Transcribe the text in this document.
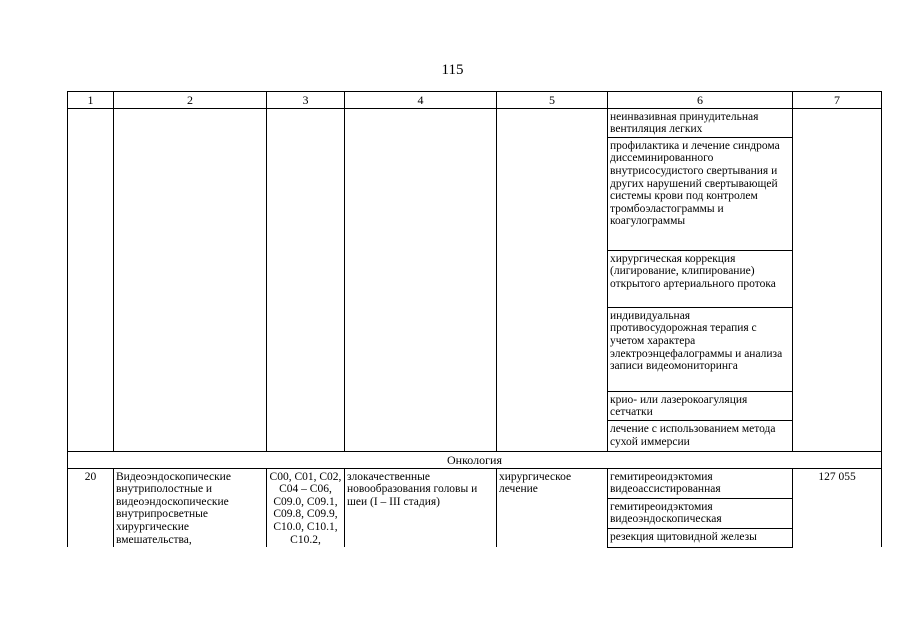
115
1	2	3	4	5	6	7
					неинвазивная принудительная вентиляция легких	
					профилактика и лечение синдрома диссеминированного внутрисосудистого свертывания и других нарушений свертывающей системы крови под контролем тромбоэластограммы и коагулограммы	
					хирургическая коррекция (лигирование, клипирование) открытого артериального протока	
					индивидуальная противосудорожная терапия с учетом характера электроэнцефалограммы и анализа записи видеомониторинга	
					крио- или лазерокоагуляция сетчатки	
					лечение с использованием метода сухой иммерсии	
Онкология						
20	Видеоэндоскопические внутриполостные и видеоэндоскопические внутрипросветные хирургические вмешательства,	C00, C01, C02, C04 – C06, C09.0, C09.1, C09.8, C09.9, C10.0, C10.1, C10.2,	злокачественные новообразования головы и шеи (I – III стадия)	хирургическое лечение	гемитиреоидэктомия видеоассистированная	127 055
					гемитиреоидэктомия видеоэндоскопическая	
					резекция щитовидной железы	
